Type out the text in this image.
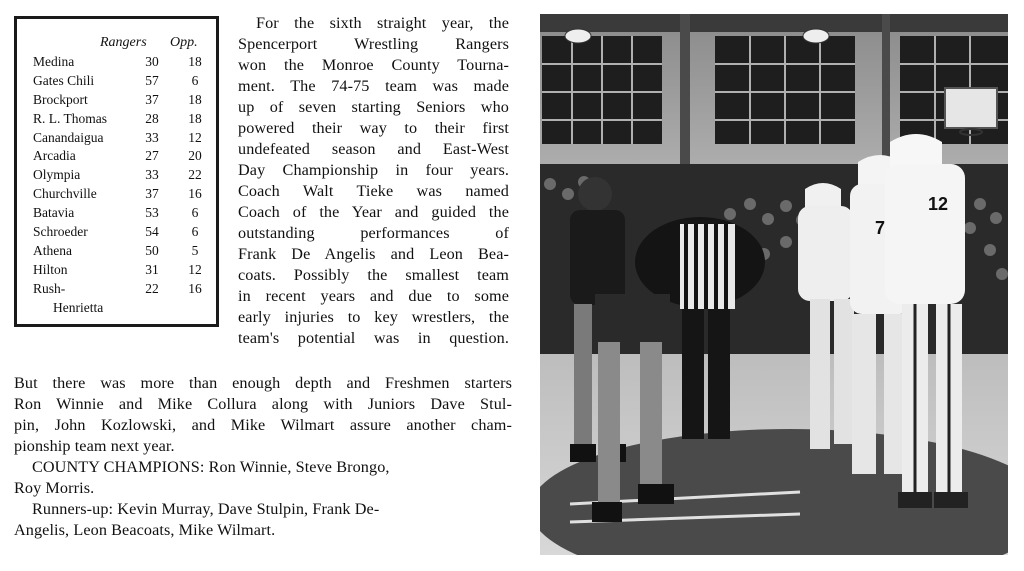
Rangers Opp.
Medina	30	18
Gates Chili	57	6
Brockport	37	18
R. L. Thomas	28	18
Canandaigua	33	12
Arcadia	27	20
Olympia	33	22
Churchville	37	16
Batavia	53	6
Schroeder	54	6
Athena	50	5
Hilton	31	12
Rush-	22	16
Henrietta

For the sixth straight year, the

Spencerport Wrestling Rangers

won the Monroe County Tourna-

ment. The 74-75 team was made

up of seven starting Seniors who

powered their way to their first

undefeated season and East-West

Day Championship in four years.

Coach Walt Tieke was named

Coach of the Year and guided the

outstanding performances of

Frank De Angelis and Leon Bea-

coats. Possibly the smallest team

in recent years and due to some

early injuries to key wrestlers, the

team's potential was in question.

But there was more than enough depth and Freshmen starters

Ron Winnie and Mike Collura along with Juniors Dave Stul-

pin, John Kozlowski, and Mike Wilmart assure another cham-

pionship team next year.

COUNTY CHAMPIONS: Ron Winnie, Steve Brongo,

Roy Morris.

Runners-up: Kevin Murray, Dave Stulpin, Frank De-

Angelis, Leon Beacoats, Mike Wilmart.

7
12
